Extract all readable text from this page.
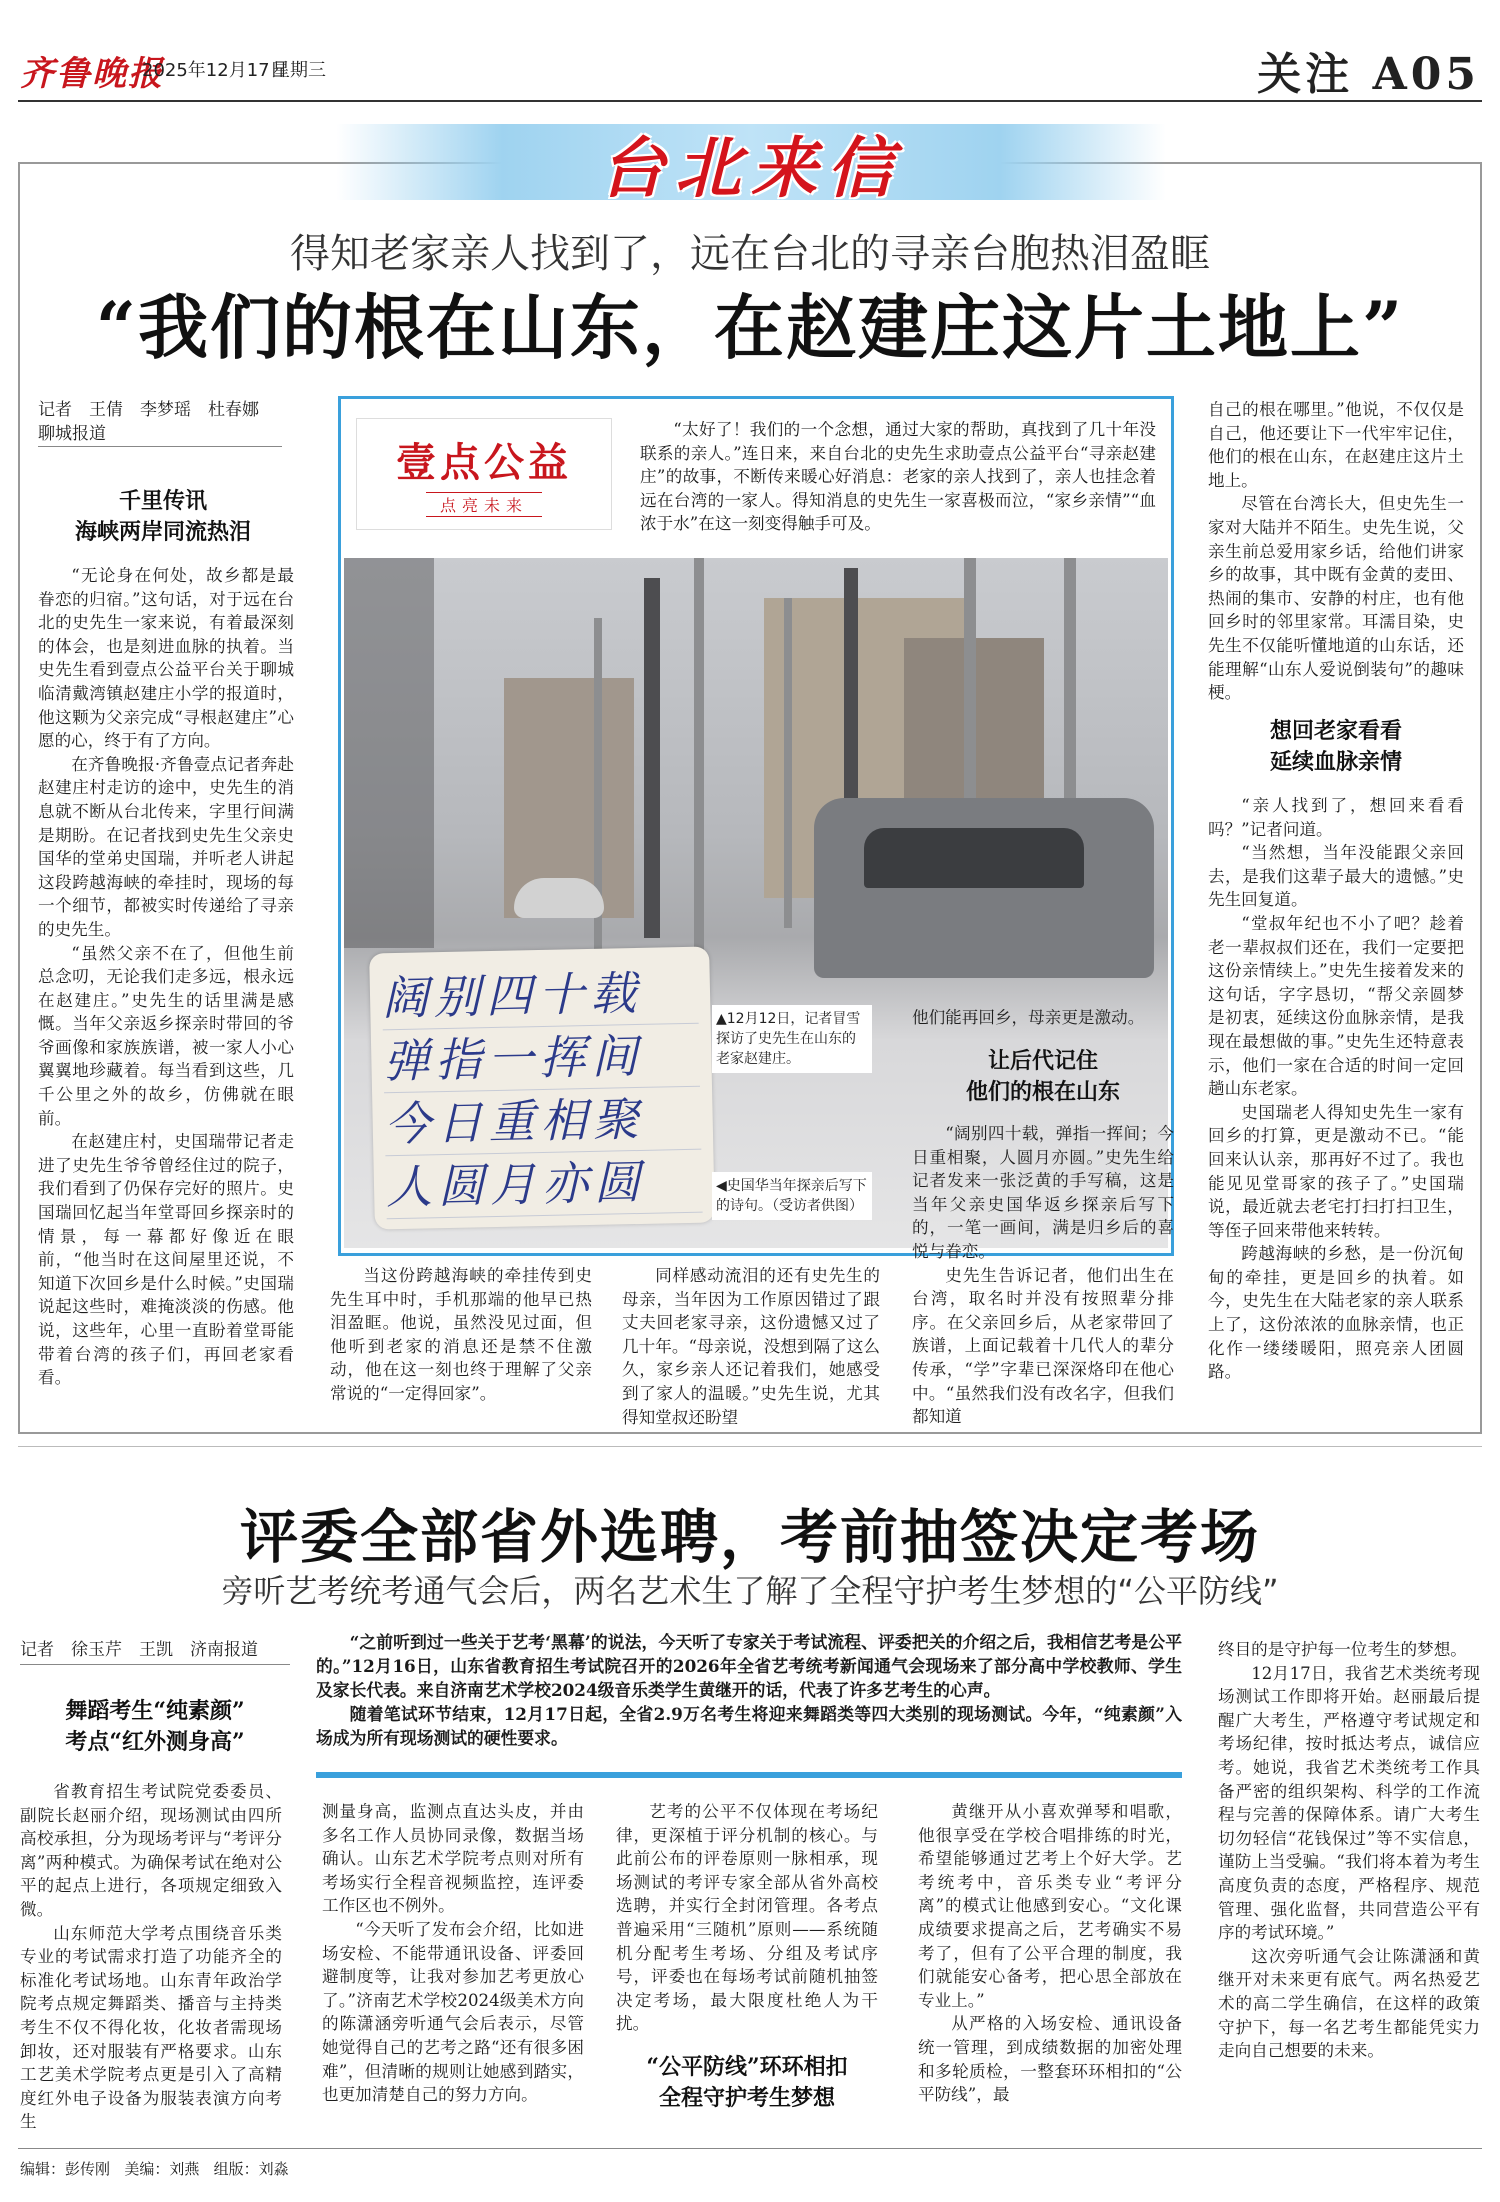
齐鲁晚报
2025年12月17日
星期三	关注 A05
台北来信
得知老家亲人找到了，远在台北的寻亲台胞热泪盈眶
“我们的根在山东，在赵建庄这片土地上”
记者　王倩　李梦瑶　杜春娜
聊城报道
千里传讯
海峡两岸同流热泪

“无论身在何处，故乡都是最眷恋的归宿。”这句话，对于远在台北的史先生一家来说，有着最深刻的体会，也是刻进血脉的执着。当史先生看到壹点公益平台关于聊城临清戴湾镇赵建庄小学的报道时，他这颗为父亲完成“寻根赵建庄”心愿的心，终于有了方向。

在齐鲁晚报·齐鲁壹点记者奔赴赵建庄村走访的途中，史先生的消息就不断从台北传来，字里行间满是期盼。在记者找到史先生父亲史国华的堂弟史国瑞，并听老人讲起这段跨越海峡的牵挂时，现场的每一个细节，都被实时传递给了寻亲的史先生。

“虽然父亲不在了，但他生前总念叨，无论我们走多远，根永远在赵建庄。”史先生的话里满是感慨。当年父亲返乡探亲时带回的爷爷画像和家族族谱，被一家人小心翼翼地珍藏着。每当看到这些，几千公里之外的故乡，仿佛就在眼前。

在赵建庄村，史国瑞带记者走进了史先生爷爷曾经住过的院子，我们看到了仍保存完好的照片。史国瑞回忆起当年堂哥回乡探亲时的情景，每一幕都好像近在眼前，“他当时在这间屋里还说，不知道下次回乡是什么时候。”史国瑞说起这些时，难掩淡淡的伤感。他说，这些年，心里一直盼着堂哥能带着台湾的孩子们，再回老家看看。

壹点公益
点亮未来

“太好了！我们的一个念想，通过大家的帮助，真找到了几十年没联系的亲人。”连日来，来自台北的史先生求助壹点公益平台“寻亲赵建庄”的故事，不断传来暖心好消息：老家的亲人找到了，亲人也挂念着远在台湾的一家人。得知消息的史先生一家喜极而泣，“家乡亲情”“血浓于水”在这一刻变得触手可及。

阔别四十载
弹指一挥间
今日重相聚
人圆月亦圆
▲12月12日，记者冒雪探访了史先生在山东的老家赵建庄。
◀史国华当年探亲后写下的诗句。（受访者供图）

当这份跨越海峡的牵挂传到史先生耳中时，手机那端的他早已热泪盈眶。他说，虽然没见过面，但他听到老家的消息还是禁不住激动，他在这一刻也终于理解了父亲常说的“一定得回家”。

同样感动流泪的还有史先生的母亲，当年因为工作原因错过了跟丈夫回老家寻亲，这份遗憾又过了几十年。“母亲说，没想到隔了这么久，家乡亲人还记着我们，她感受到了家人的温暖。”史先生说，尤其得知堂叔还盼望

他们能再回乡，母亲更是激动。
让后代记住
他们的根在山东

“阔别四十载，弹指一挥间；今日重相聚，人圆月亦圆。”史先生给记者发来一张泛黄的手写稿，这是当年父亲史国华返乡探亲后写下的，一笔一画间，满是归乡后的喜悦与眷恋。

史先生告诉记者，他们出生在台湾，取名时并没有按照辈分排序。在父亲回乡后，从老家带回了族谱，上面记载着十几代人的辈分传承，“学”字辈已深深烙印在他心中。“虽然我们没有改名字，但我们都知道

自己的根在哪里。”他说，不仅仅是自己，他还要让下一代牢牢记住，他们的根在山东，在赵建庄这片土地上。

尽管在台湾长大，但史先生一家对大陆并不陌生。史先生说，父亲生前总爱用家乡话，给他们讲家乡的故事，其中既有金黄的麦田、热闹的集市、安静的村庄，也有他回乡时的邻里家常。耳濡目染，史先生不仅能听懂地道的山东话，还能理解“山东人爱说倒装句”的趣味梗。

想回老家看看
延续血脉亲情

“亲人找到了，想回来看看吗？”记者问道。

“当然想，当年没能跟父亲回去，是我们这辈子最大的遗憾。”史先生回复道。

“堂叔年纪也不小了吧？趁着老一辈叔叔们还在，我们一定要把这份亲情续上。”史先生接着发来的这句话，字字恳切，“帮父亲圆梦是初衷，延续这份血脉亲情，是我现在最想做的事。”史先生还特意表示，他们一家在合适的时间一定回趟山东老家。

史国瑞老人得知史先生一家有回乡的打算，更是激动不已。“能回来认认亲，那再好不过了。我也能见见堂哥家的孩子了。”史国瑞说，最近就去老宅打扫打扫卫生，等侄子回来带他来转转。

跨越海峡的乡愁，是一份沉甸甸的牵挂，更是回乡的执着。如今，史先生在大陆老家的亲人联系上了，这份浓浓的血脉亲情，也正化作一缕缕暖阳，照亮亲人团圆路。

评委全部省外选聘，考前抽签决定考场
旁听艺考统考通气会后，两名艺术生了解了全程守护考生梦想的“公平防线”
记者　徐玉芹　王凯　济南报道
舞蹈考生“纯素颜”
考点“红外测身高”

“之前听到过一些关于艺考‘黑幕’的说法，今天听了专家关于考试流程、评委把关的介绍之后，我相信艺考是公平的。”12月16日，山东省教育招生考试院召开的2026年全省艺考统考新闻通气会现场来了部分高中学校教师、学生及家长代表。来自济南艺术学校2024级音乐类学生黄继开的话，代表了许多艺考生的心声。

随着笔试环节结束，12月17日起，全省2.9万名考生将迎来舞蹈类等四大类别的现场测试。今年，“纯素颜”入场成为所有现场测试的硬性要求。

省教育招生考试院党委委员、副院长赵丽介绍，现场测试由四所高校承担，分为现场考评与“考评分离”两种模式。为确保考试在绝对公平的起点上进行，各项规定细致入微。

山东师范大学考点围绕音乐类专业的考试需求打造了功能齐全的标准化考试场地。山东青年政治学院考点规定舞蹈类、播音与主持类考生不仅不得化妆，化妆者需现场卸妆，还对服装有严格要求。山东工艺美术学院考点更是引入了高精度红外电子设备为服装表演方向考生

测量身高，监测点直达头皮，并由多名工作人员协同录像，数据当场确认。山东艺术学院考点则对所有考场实行全程音视频监控，连评委工作区也不例外。

“今天听了发布会介绍，比如进场安检、不能带通讯设备、评委回避制度等，让我对参加艺考更放心了。”济南艺术学校2024级美术方向的陈潇涵旁听通气会后表示，尽管她觉得自己的艺考之路“还有很多困难”，但清晰的规则让她感到踏实，也更加清楚自己的努力方向。

艺考的公平不仅体现在考场纪律，更深植于评分机制的核心。与此前公布的评卷原则一脉相承，现场测试的考评专家全部从省外高校选聘，并实行全封闭管理。各考点普遍采用“三随机”原则——系统随机分配考生考场、分组及考试序号，评委也在每场考试前随机抽签决定考场，最大限度杜绝人为干扰。

“公平防线”环环相扣
全程守护考生梦想

黄继开从小喜欢弹琴和唱歌，他很享受在学校合唱排练的时光，希望能够通过艺考上个好大学。艺考统考中，音乐类专业“考评分离”的模式让他感到安心。“文化课成绩要求提高之后，艺考确实不易考了，但有了公平合理的制度，我们就能安心备考，把心思全部放在专业上。”

从严格的入场安检、通讯设备统一管理，到成绩数据的加密处理和多轮质检，一整套环环相扣的“公平防线”，最

终目的是守护每一位考生的梦想。

12月17日，我省艺术类统考现场测试工作即将开始。赵丽最后提醒广大考生，严格遵守考试规定和考场纪律，按时抵达考点，诚信应考。她说，我省艺术类统考工作具备严密的组织架构、科学的工作流程与完善的保障体系。请广大考生切勿轻信“花钱保过”等不实信息，谨防上当受骗。“我们将本着为考生高度负责的态度，严格程序、规范管理、强化监督，共同营造公平有序的考试环境。”

这次旁听通气会让陈潇涵和黄继开对未来更有底气。两名热爱艺术的高二学生确信，在这样的政策守护下，每一名艺考生都能凭实力走向自己想要的未来。

编辑：彭传刚 美编：刘燕 组版：刘淼
